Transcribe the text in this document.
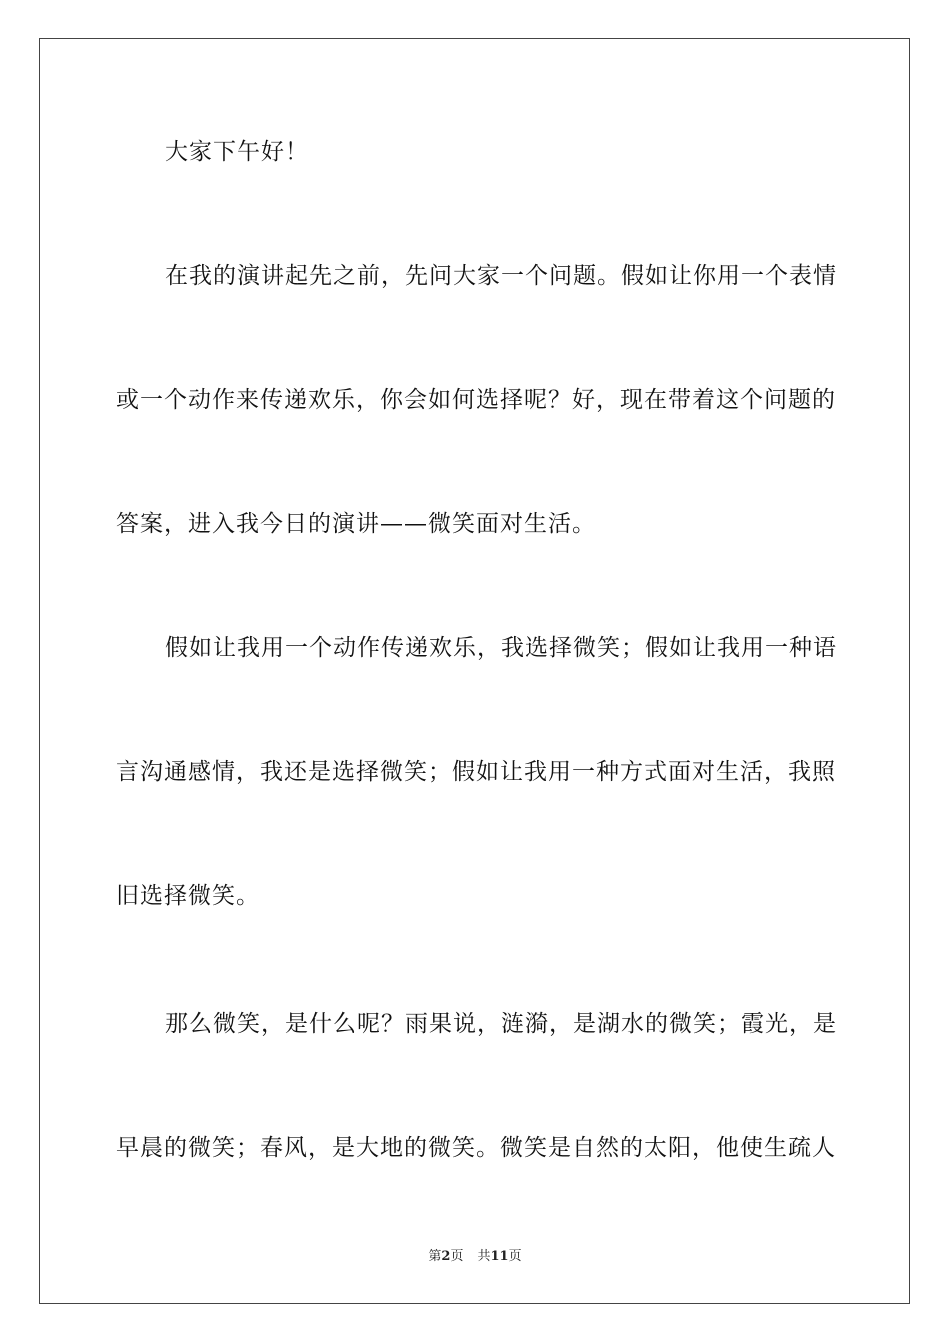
大家下午好！
在我的演讲起先之前，先问大家一个问题。假如让你用一个表情
或一个动作来传递欢乐，你会如何选择呢？好，现在带着这个问题的
答案，进入我今日的演讲——微笑面对生活。
假如让我用一个动作传递欢乐，我选择微笑；假如让我用一种语
言沟通感情，我还是选择微笑；假如让我用一种方式面对生活，我照
旧选择微笑。
那么微笑，是什么呢？雨果说，涟漪，是湖水的微笑；霞光，是
早晨的微笑；春风，是大地的微笑。微笑是自然的太阳，他使生疏人
第2页 共11页
